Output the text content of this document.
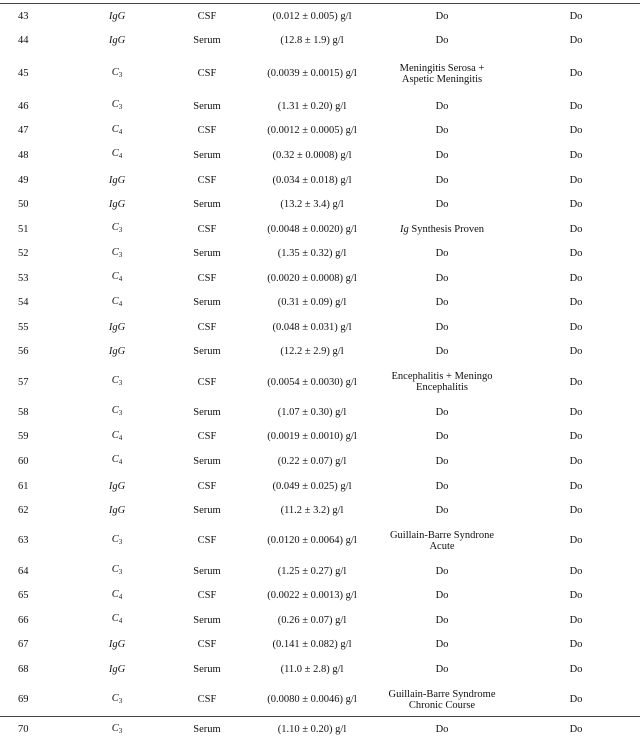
43	IgG	CSF	(0.012 ± 0.005) g/l	Do	Do
44	IgG	Serum	(12.8 ± 1.9) g/l	Do	Do
45	$C_3$	CSF	(0.0039 ± 0.0015) g/l	Meningitis Serosa + Aspetic Meningitis	Do
46	$C_3$	Serum	(1.31 ± 0.20) g/l	Do	Do
47	$C_4$	CSF	(0.0012 ± 0.0005) g/l	Do	Do
48	$C_4$	Serum	(0.32 ± 0.0008) g/l	Do	Do
49	IgG	CSF	(0.034 ± 0.018) g/l	Do	Do
50	IgG	Serum	(13.2 ± 3.4) g/l	Do	Do
51	$C_3$	CSF	(0.0048 ± 0.0020) g/l	Ig Synthesis Proven	Do
52	$C_3$	Serum	(1.35 ± 0.32) g/l	Do	Do
53	$C_4$	CSF	(0.0020 ± 0.0008) g/l	Do	Do
54	$C_4$	Serum	(0.31 ± 0.09) g/l	Do	Do
55	IgG	CSF	(0.048 ± 0.031) g/l	Do	Do
56	IgG	Serum	(12.2 ± 2.9) g/l	Do	Do
57	$C_3$	CSF	(0.0054 ± 0.0030) g/l	Encephalitis + Meningo Encephalitis	Do
58	$C_3$	Serum	(1.07 ± 0.30) g/l	Do	Do
59	$C_4$	CSF	(0.0019 ± 0.0010) g/l	Do	Do
60	$C_4$	Serum	(0.22 ± 0.07) g/l	Do	Do
61	IgG	CSF	(0.049 ± 0.025) g/l	Do	Do
62	IgG	Serum	(11.2 ± 3.2) g/l	Do	Do
63	$C_3$	CSF	(0.0120 ± 0.0064) g/l	Guillain-Barre Syndrone Acute	Do
64	$C_3$	Serum	(1.25 ± 0.27) g/l	Do	Do
65	$C_4$	CSF	(0.0022 ± 0.0013) g/l	Do	Do
66	$C_4$	Serum	(0.26 ± 0.07) g/l	Do	Do
67	IgG	CSF	(0.141 ± 0.082) g/l	Do	Do
68	IgG	Serum	(11.0 ± 2.8) g/l	Do	Do
69	$C_3$	CSF	(0.0080 ± 0.0046) g/l	Guillain-Barre Syndrome Chronic Course	Do
70	$C_3$	Serum	(1.10 ± 0.20) g/l	Do	Do
